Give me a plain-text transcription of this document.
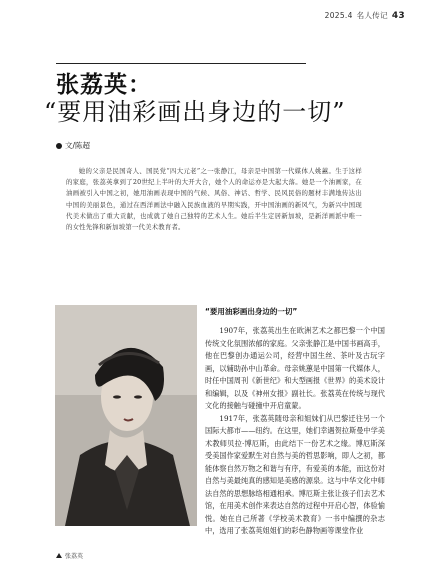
2025.4 名人传记 43
张荔英：
“要用油彩画出身边的一切”
文/陈超

她的父亲是民国奇人、国民党“四大元老”之一张静江，母亲是中国第一代媒体人姚蕙。生于这样的家庭，张荔英拿到了20世纪上半叶的大开大合，她个人的命运亦是大起大落。她是一个油画家，在油画被引入中国之初，她用油画表现中国的气候、风俗、神话、哲学、民风民俗的题材丰满地传达出中国的美丽景色，通过在西洋画法中融入民族血液的早期实践，开中国油画的新风气，为新兴中国现代美术做出了重大贡献，也成就了她自己独特的艺术人生。她后半生定居新加坡，是新洋画派中唯一的女性先锋和新加坡第一代美术教育者。

张荔英
“要用油彩画出身边的一切”

1907年，张荔英出生在欧洲艺术之都巴黎一个中国传统文化氛围浓郁的家庭。父亲张静江是中国书画高手，他在巴黎创办通运公司，经营中国生丝、茶叶及古玩字画，以辅助孙中山革命。母亲姚蕙是中国第一代媒体人，时任中国周刊《新世纪》和大型画报《世界》的美术设计和编辑，以及《神州女报》副社长。张荔英在传统与现代文化的接触与碰撞中开启童蒙。

1917年，张荔英随母亲和姐妹们从巴黎迁往另一个国际大都市——纽约。在这里，她们幸遇贺拉斯曼中学美术教师贝拉·博厄斯，由此结下一份艺术之缘。博厄斯深受美国作家爱默生对自然与美的哲思影响，即人之初，都能体察自然万物之和谐与有序，有爱美的本能，而这份对自然与美最纯真的感知是美感的源泉。这与中华文化中师法自然的思想脉络相通相承。博厄斯主张让孩子们去艺术馆，在用美术创作来表达自然的过程中开启心智，体验愉悦。她在自己所著《学校美术教育》一书中编撰的杂志中，选用了张荔英姐姐们的彩色静物画等课堂作业
